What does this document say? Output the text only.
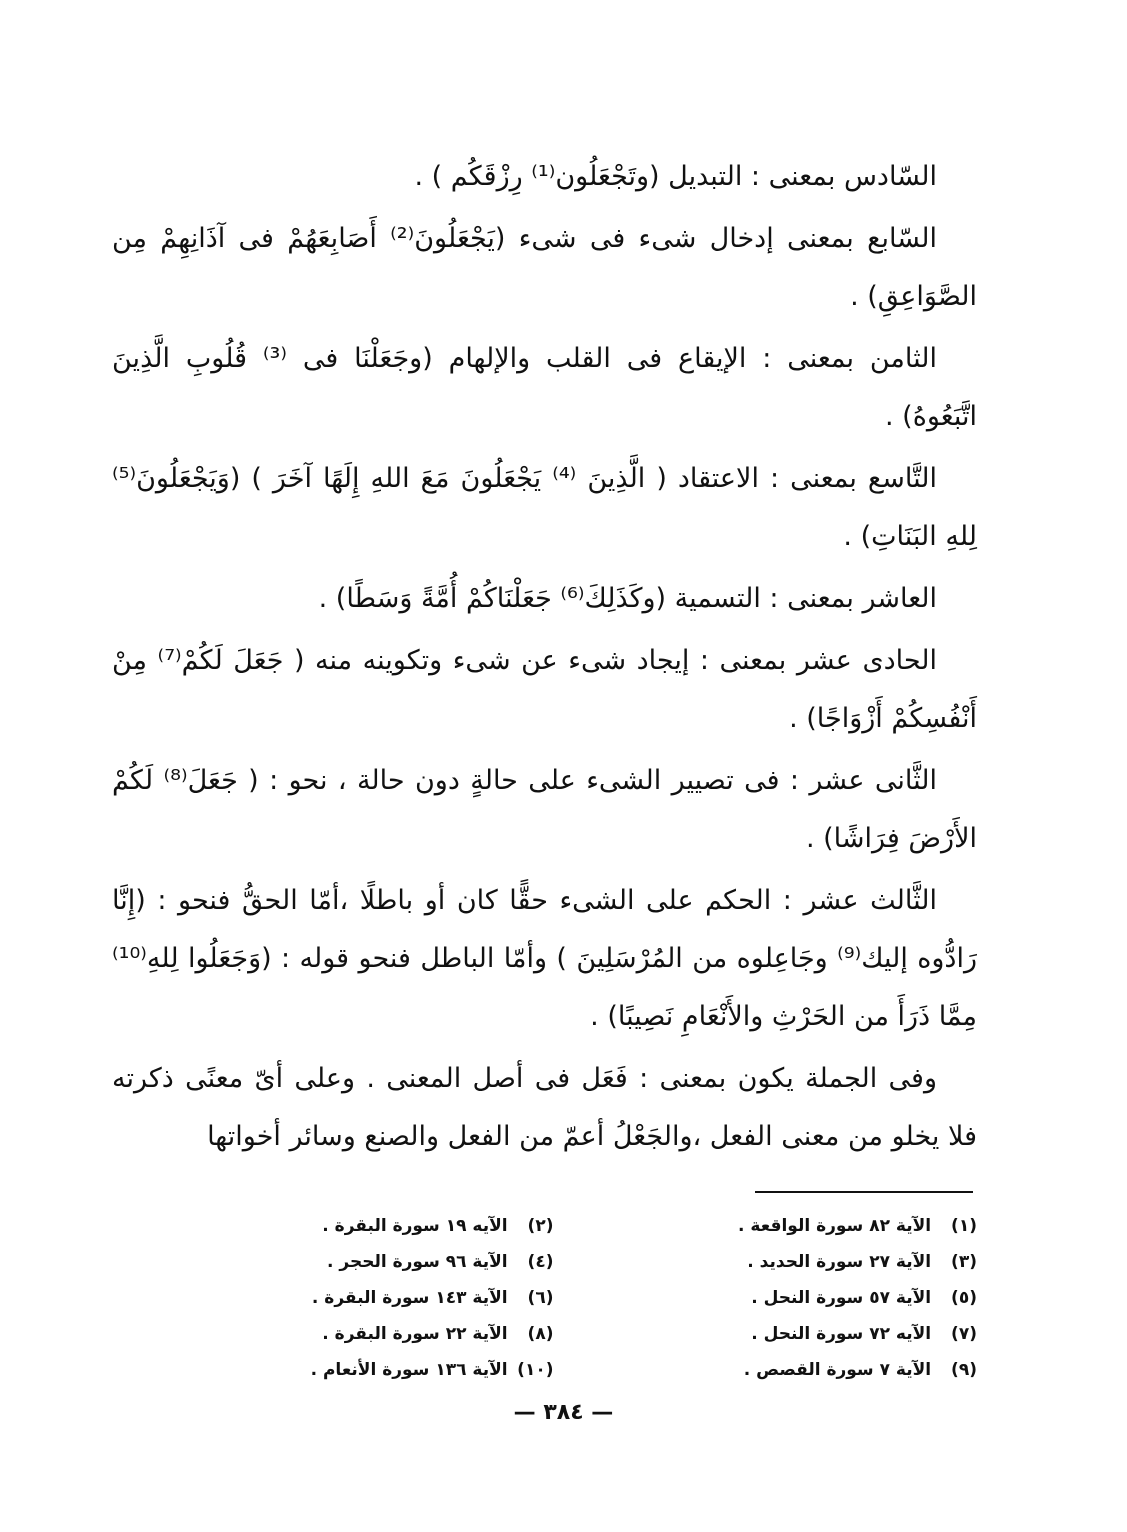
السّادس بمعنى : التبديل (وتَجْعَلُون⁽¹⁾ رِزْقَكُم ) .

السّابع بمعنى إدخال شىء فى شىء (يَجْعَلُونَ⁽²⁾ أَصَابِعَهُمْ فى آذَانِهِمْ مِن الصَّوَاعِقِ) .

الثامن بمعنى : الإيقاع فى القلب والإلهام (وجَعَلْنَا فى ⁽³⁾ قُلُوبِ الَّذِينَ اتَّبَعُوهُ) .

التَّاسع بمعنى : الاعتقاد ( الَّذِينَ ⁽⁴⁾ يَجْعَلُونَ مَعَ اللهِ إِلَهًا آخَرَ ) (وَيَجْعَلُونَ⁽⁵⁾ لِلهِ البَنَاتِ) .

العاشر بمعنى : التسمية (وكَذَلِكَ⁽⁶⁾ جَعَلْنَاكُمْ أُمَّةً وَسَطًا) .

الحادى عشر بمعنى : إيجاد شىء عن شىء وتكوينه منه ( جَعَلَ لَكُمْ⁽⁷⁾ مِنْ أَنْفُسِكُمْ أَزْوَاجًا) .

الثَّانى عشر : فى تصيير الشىء على حالةٍ دون حالة ، نحو : ( جَعَلَ⁽⁸⁾ لَكُمْ الأَرْضَ فِرَاشًا) .

الثَّالث عشر : الحكم على الشىء حقًّا كان أو باطلًا ،أمّا الحقُّ فنحو : (إِنَّا رَادُّوه إليك⁽⁹⁾ وجَاعِلوه من المُرْسَلِينَ ) وأمّا الباطل فنحو قوله : (وَجَعَلُوا لِلهِ⁽¹⁰⁾ مِمَّا ذَرَأَ من الحَرْثِ والأَنْعَامِ نَصِيبًا) .

وفى الجملة يكون بمعنى : فَعَل فى أصل المعنى . وعلى أىّ معنًى ذكرته فلا يخلو من معنى الفعل ،والجَعْلُ أعمّ من الفعل والصنع وسائر أخواتها

(١) الآية ٨٢ سورة الواقعة .
(٢) الآيه ١٩ سورة البقرة .
(٣) الآية ٢٧ سورة الحديد .
(٤) الآية ٩٦ سورة الحجر .
(٥) الآية ٥٧ سورة النحل .
(٦) الآية ١٤٣ سورة البقرة .
(٧) الآيه ٧٢ سورة النحل .
(٨) الآية ٢٢ سورة البقرة .
(٩) الآية ٧ سورة القصص .
(١٠) الآية ١٣٦ سورة الأنعام .
— ٣٨٤ —
